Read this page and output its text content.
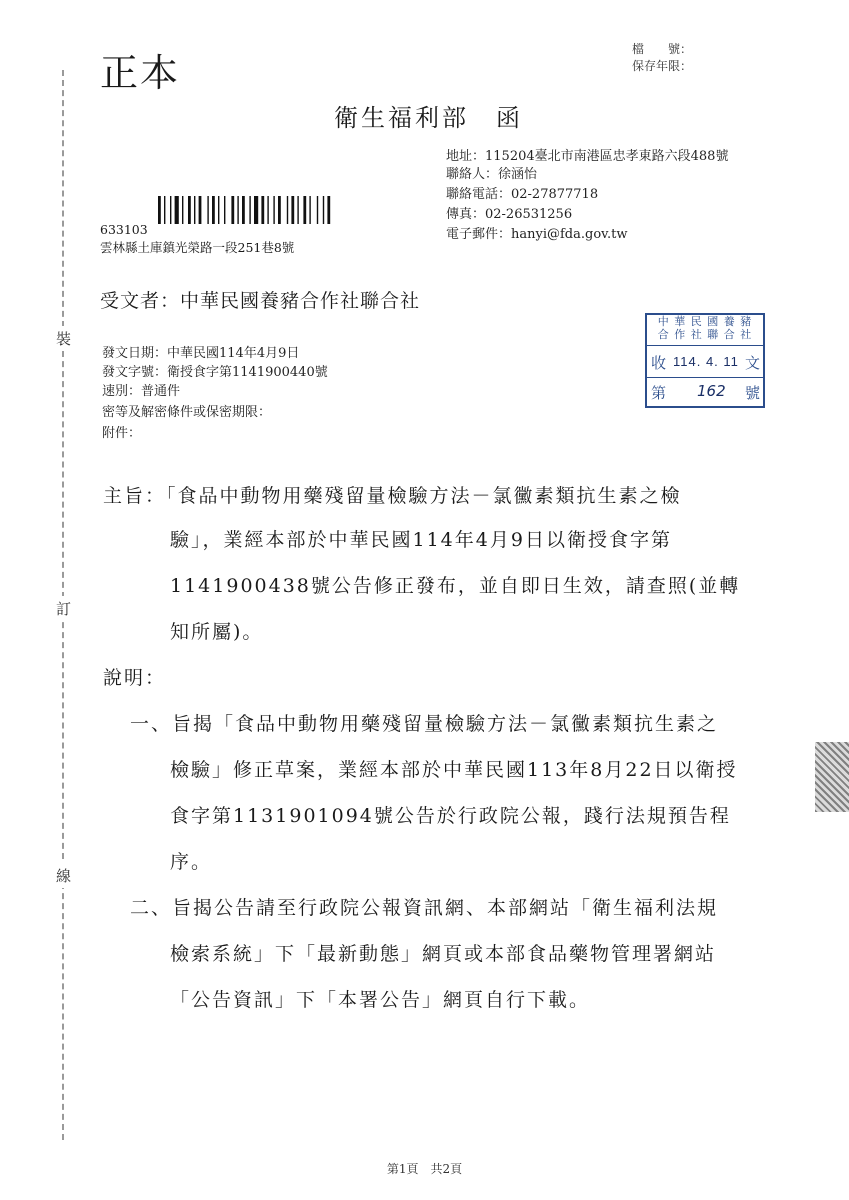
裝
訂
線
正本
檔　　號：
保存年限：
衛生福利部　函
地址：115204臺北市南港區忠孝東路六段488號
聯絡人：徐涵怡
聯絡電話：02-27877718
傳真：02-26531256
電子郵件：hanyi@fda.gov.tw
633103
雲林縣土庫鎮光榮路一段251巷8號
受文者：中華民國養豬合作社聯合社
發文日期：中華民國114年4月9日
發文字號：衛授食字第1141900440號
速別：普通件
密等及解密條件或保密期限：
附件：
中 華 民 國 養 豬
合 作 社 聯 合 社
收 114. 4. 11 文
第 162 號
主旨：「食品中動物用藥殘留量檢驗方法－氯黴素類抗生素之檢
驗」，業經本部於中華民國114年4月9日以衛授食字第
1141900438號公告修正發布，並自即日生效，請查照(並轉
知所屬)。
說明：
一、旨揭「食品中動物用藥殘留量檢驗方法－氯黴素類抗生素之
檢驗」修正草案，業經本部於中華民國113年8月22日以衛授
食字第1131901094號公告於行政院公報，踐行法規預告程
序。
二、旨揭公告請至行政院公報資訊網、本部網站「衛生福利法規
檢索系統」下「最新動態」網頁或本部食品藥物管理署網站
「公告資訊」下「本署公告」網頁自行下載。
第1頁　共2頁
